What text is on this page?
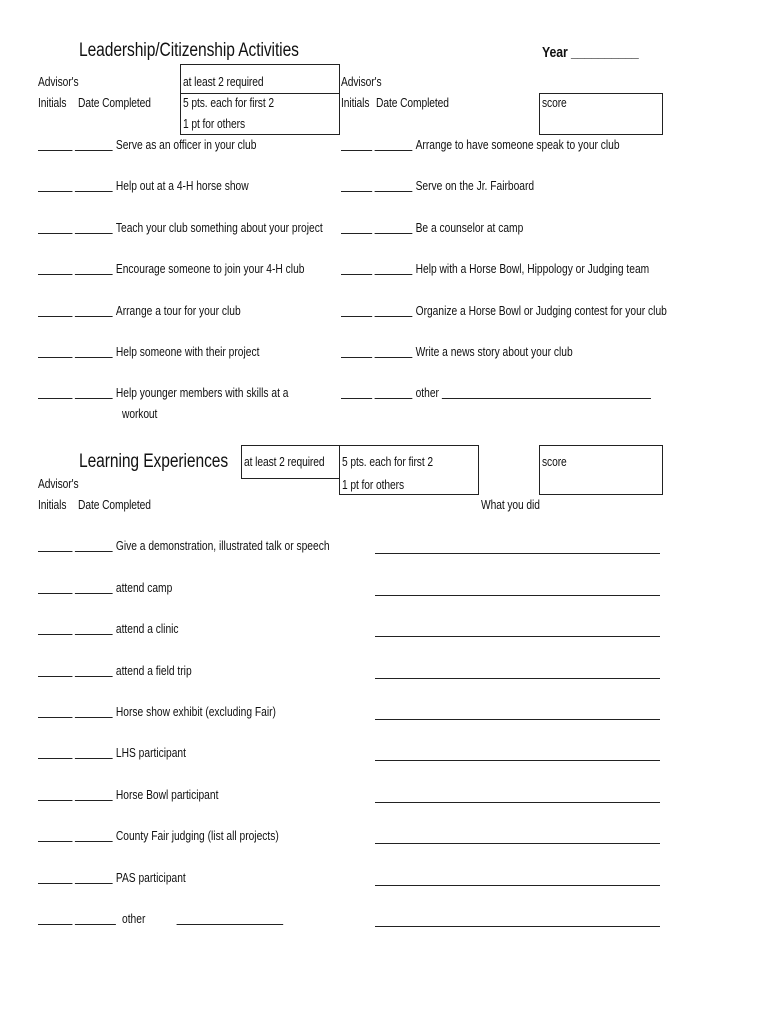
Leadership/Citizenship Activities	Year __________
Advisor's
Initials Date Completed
at least 2 required
5 pts. each for first 2
1 pt for others
Advisor's
Initials Date Completed	score
Serve as an officer in your club
Help out at a 4-H horse show
Teach your club something about your project
Encourage someone to join your 4-H club
Arrange a tour for your club
Help someone with their project
Help younger members with skills at a
workout
Arrange to have someone speak to your club
Serve on the Jr. Fairboard
Be a counselor at camp
Help with a Horse Bowl, Hippology or Judging team
Organize a Horse Bowl or Judging contest for your club
Write a news story about your club
other
Learning Experiences at least 2 required 5 pts. each for first 2
1 pt for others
score
Advisor's
Initials Date Completed	What you did
Give a demonstration, illustrated talk or speech
attend camp
attend a clinic
attend a field trip
Horse show exhibit (excluding Fair)
LHS participant
Horse Bowl participant
County Fair judging (list all projects)
PAS participant
other
